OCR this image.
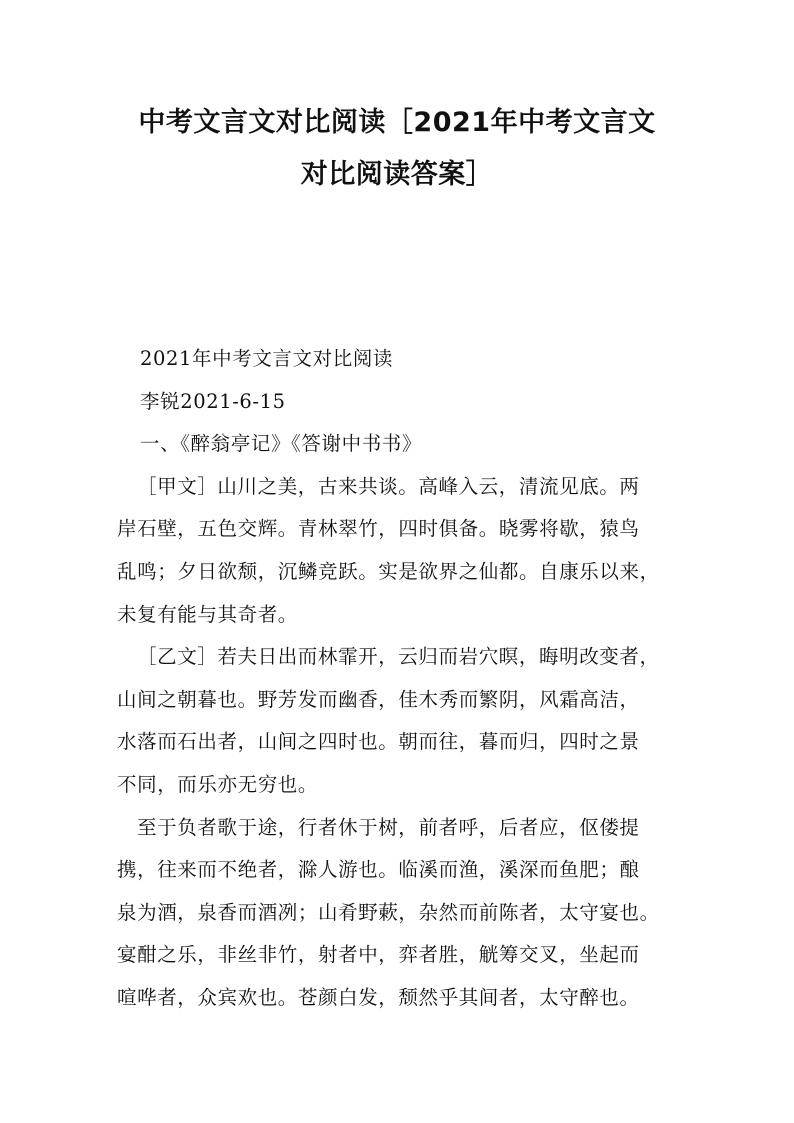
中考文言文对比阅读［2021年中考文言文
对比阅读答案］

2021年中考文言文对比阅读

李锐2021-6-15

一、《醉翁亭记》《答谢中书书》

［甲文］山川之美，古来共谈。高峰入云，清流见底。两

岸石壁，五色交辉。青林翠竹，四时俱备。晓雾将歇，猿鸟

乱鸣；夕日欲颓，沉鳞竞跃。实是欲界之仙都。自康乐以来，

未复有能与其奇者。

［乙文］若夫日出而林霏开，云归而岩穴暝，晦明改变者，

山间之朝暮也。野芳发而幽香，佳木秀而繁阴，风霜高洁，

水落而石出者，山间之四时也。朝而往，暮而归，四时之景

不同，而乐亦无穷也。

至于负者歌于途，行者休于树，前者呼，后者应，伛偻提

携，往来而不绝者，滁人游也。临溪而渔，溪深而鱼肥；酿

泉为酒，泉香而酒冽；山肴野蔌，杂然而前陈者，太守宴也。

宴酣之乐，非丝非竹，射者中，弈者胜，觥筹交叉，坐起而

喧哗者，众宾欢也。苍颜白发，颓然乎其间者，太守醉也。
